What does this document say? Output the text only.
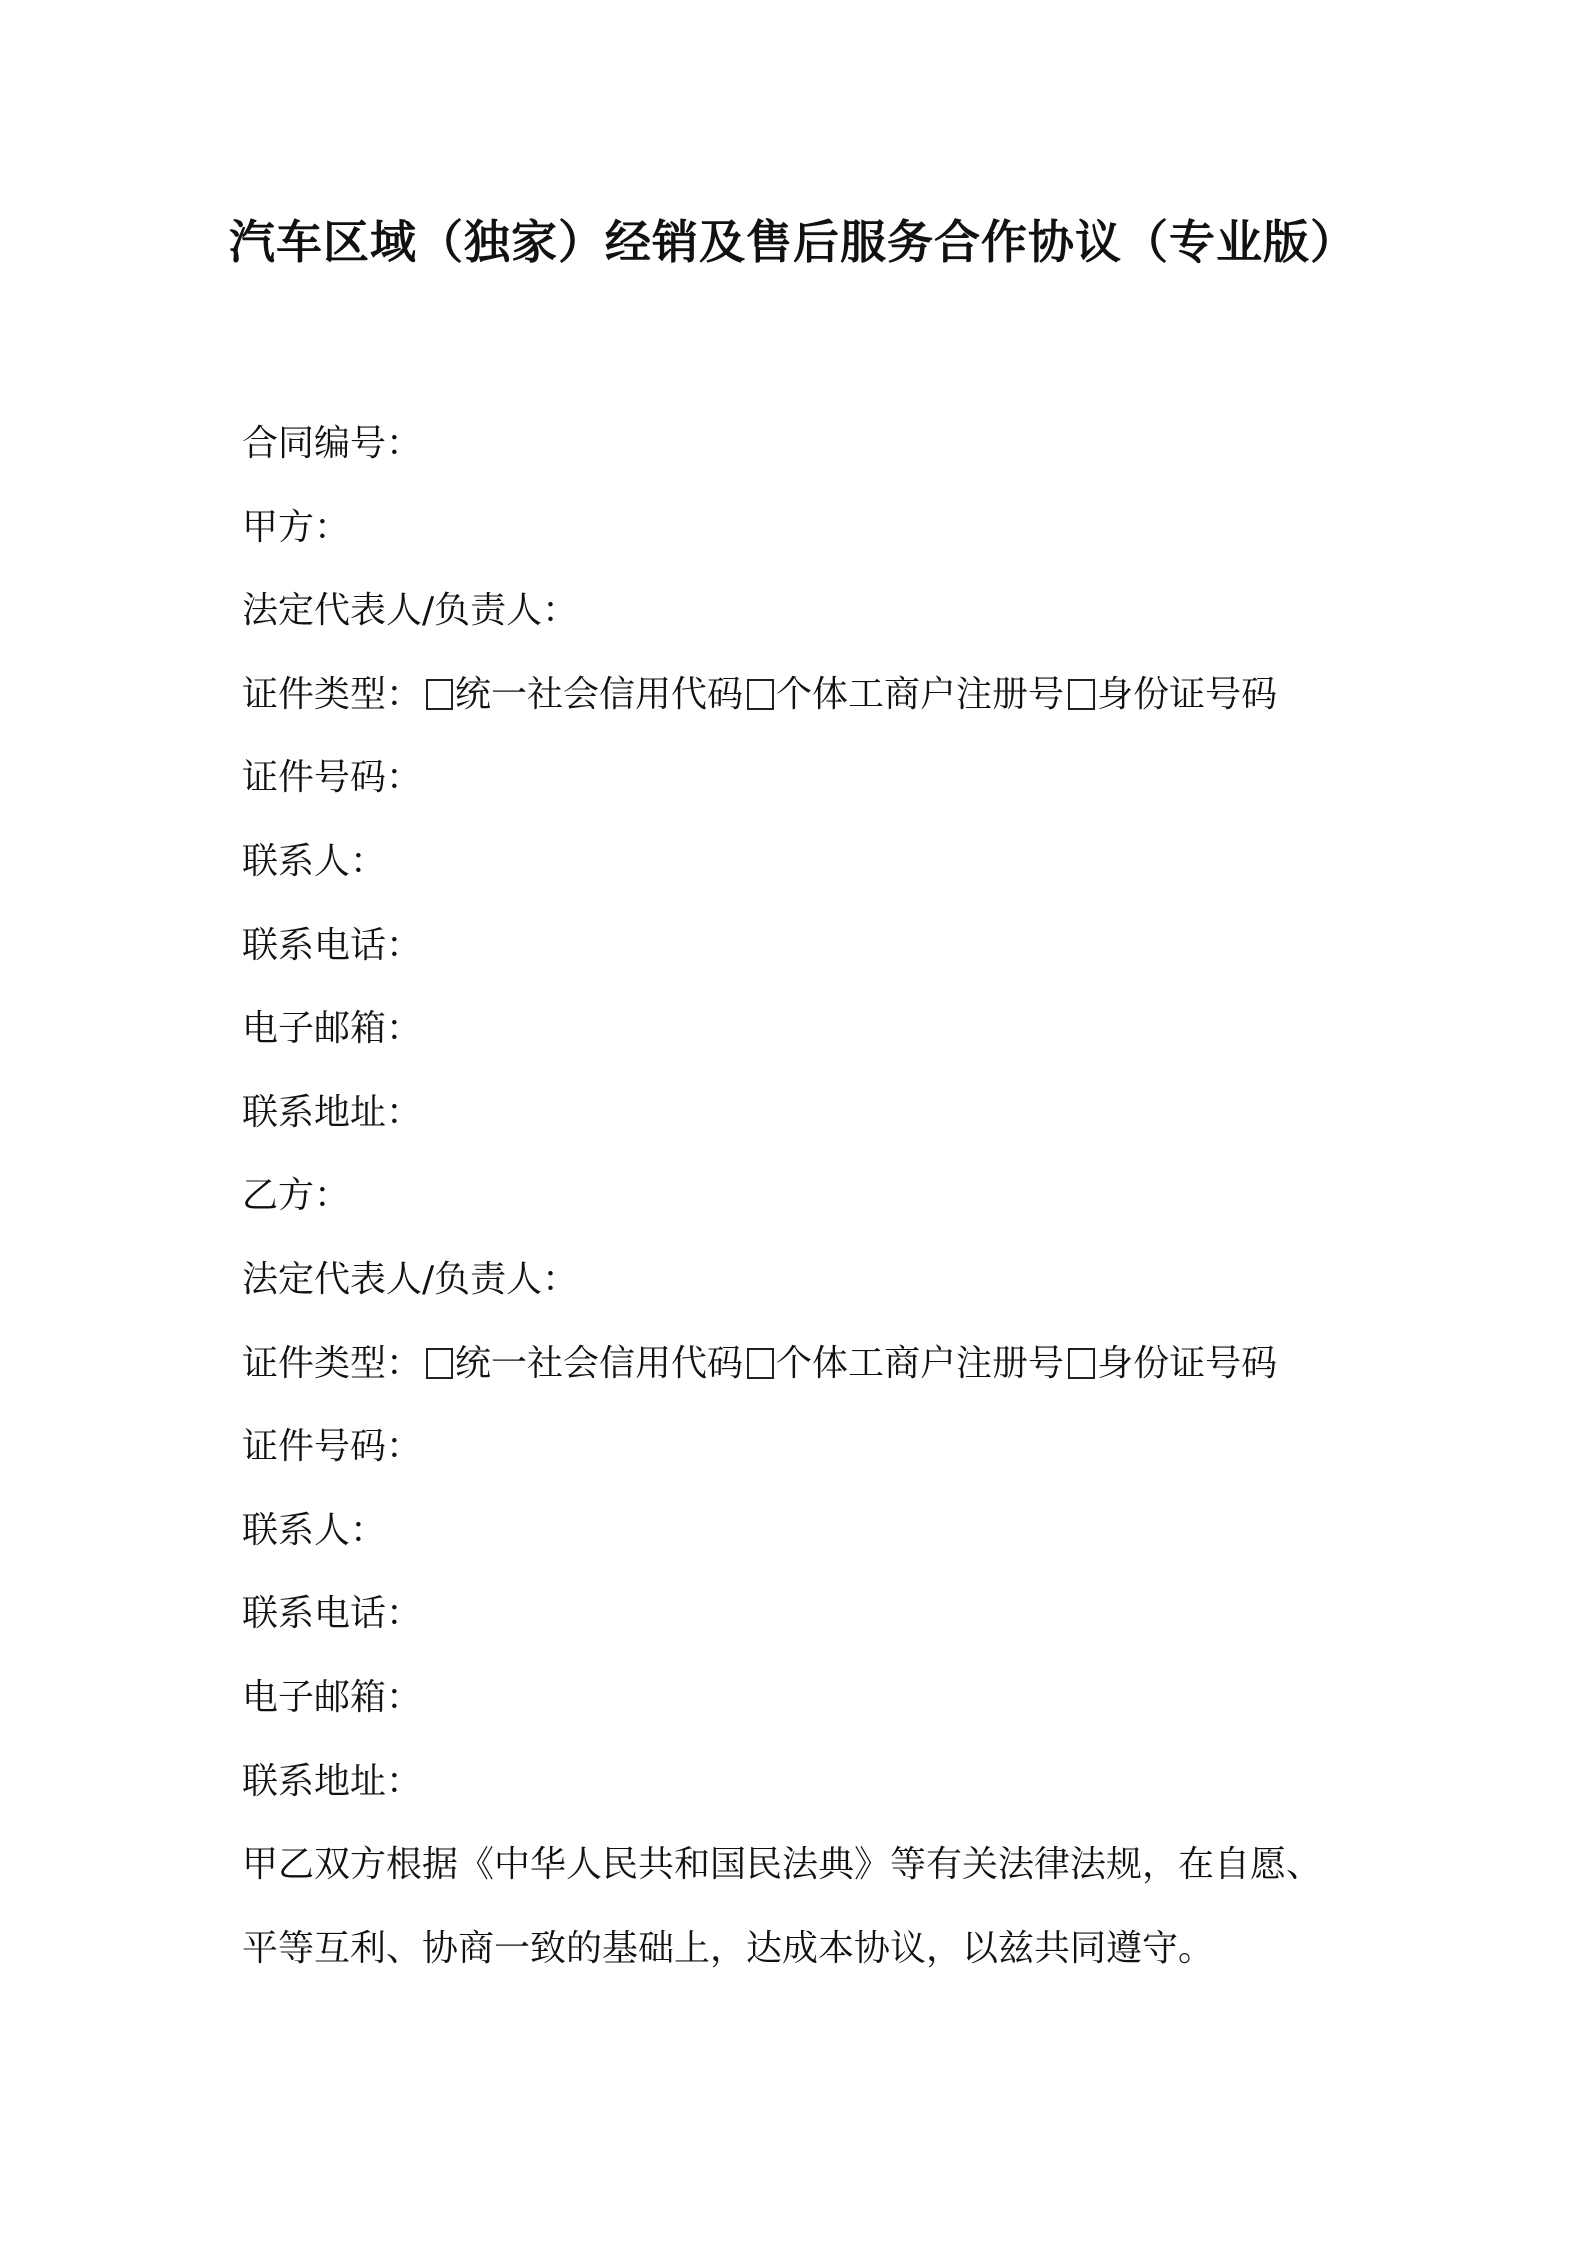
汽车区域（独家）经销及售后服务合作协议（专业版）
合同编号：
甲方：
法定代表人/负责人：
证件类型： 统一社会信用代码 个体工商户注册号 身份证号码
证件号码：
联系人：
联系电话：
电子邮箱：
联系地址：
乙方：
法定代表人/负责人：
证件类型： 统一社会信用代码 个体工商户注册号 身份证号码
证件号码：
联系人：
联系电话：
电子邮箱：
联系地址：
甲乙双方根据《中华人民共和国民法典》等有关法律法规，在自愿、
平等互利、协商一致的基础上，达成本协议，以兹共同遵守。
